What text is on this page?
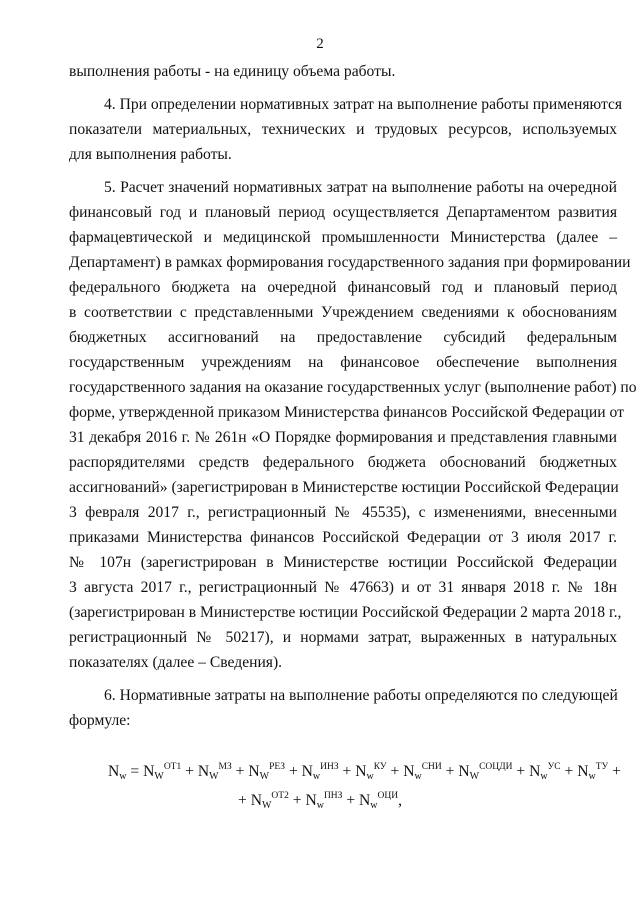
2
выполнения работы - на единицу объема работы.
4. При определении нормативных затрат на выполнение работы применяются
показатели материальных, технических и трудовых ресурсов, используемых
для выполнения работы.
5. Расчет значений нормативных затрат на выполнение работы на очередной
финансовый год и плановый период осуществляется Департаментом развития
фармацевтической и медицинской промышленности Министерства (далее –
Департамент) в рамках формирования государственного задания при формировании
федерального бюджета на очередной финансовый год и плановый период
в соответствии с представленными Учреждением сведениями к обоснованиям
бюджетных ассигнований на предоставление субсидий федеральным
государственным учреждениям на финансовое обеспечение выполнения
государственного задания на оказание государственных услуг (выполнение работ) по
форме, утвержденной приказом Министерства финансов Российской Федерации от
31 декабря 2016 г. № 261н «О Порядке формирования и представления главными
распорядителями средств федерального бюджета обоснований бюджетных
ассигнований» (зарегистрирован в Министерстве юстиции Российской Федерации
3 февраля 2017 г., регистрационный № 45535), с изменениями, внесенными
приказами Министерства финансов Российской Федерации от 3 июля 2017 г.
№ 107н (зарегистрирован в Министерстве юстиции Российской Федерации
3 августа 2017 г., регистрационный № 47663) и от 31 января 2018 г. № 18н
(зарегистрирован в Министерстве юстиции Российской Федерации 2 марта 2018 г.,
регистрационный № 50217), и нормами затрат, выраженных в натуральных
показателях (далее – Сведения).
6. Нормативные затраты на выполнение работы определяются по следующей
формуле:
$N_w = N_W^{ОТ1} + N_W^{МЗ} + N_W^{РЕЗ} + N_w^{ИНЗ} + N_w^{КУ} + N_w^{СНИ} + N_W^{СОЦДИ} + N_w^{УС} + N_w^{ТУ}$ +
+ $N_W^{ОТ2} + N_w^{ПНЗ} + N_w^{ОЦИ}$,
